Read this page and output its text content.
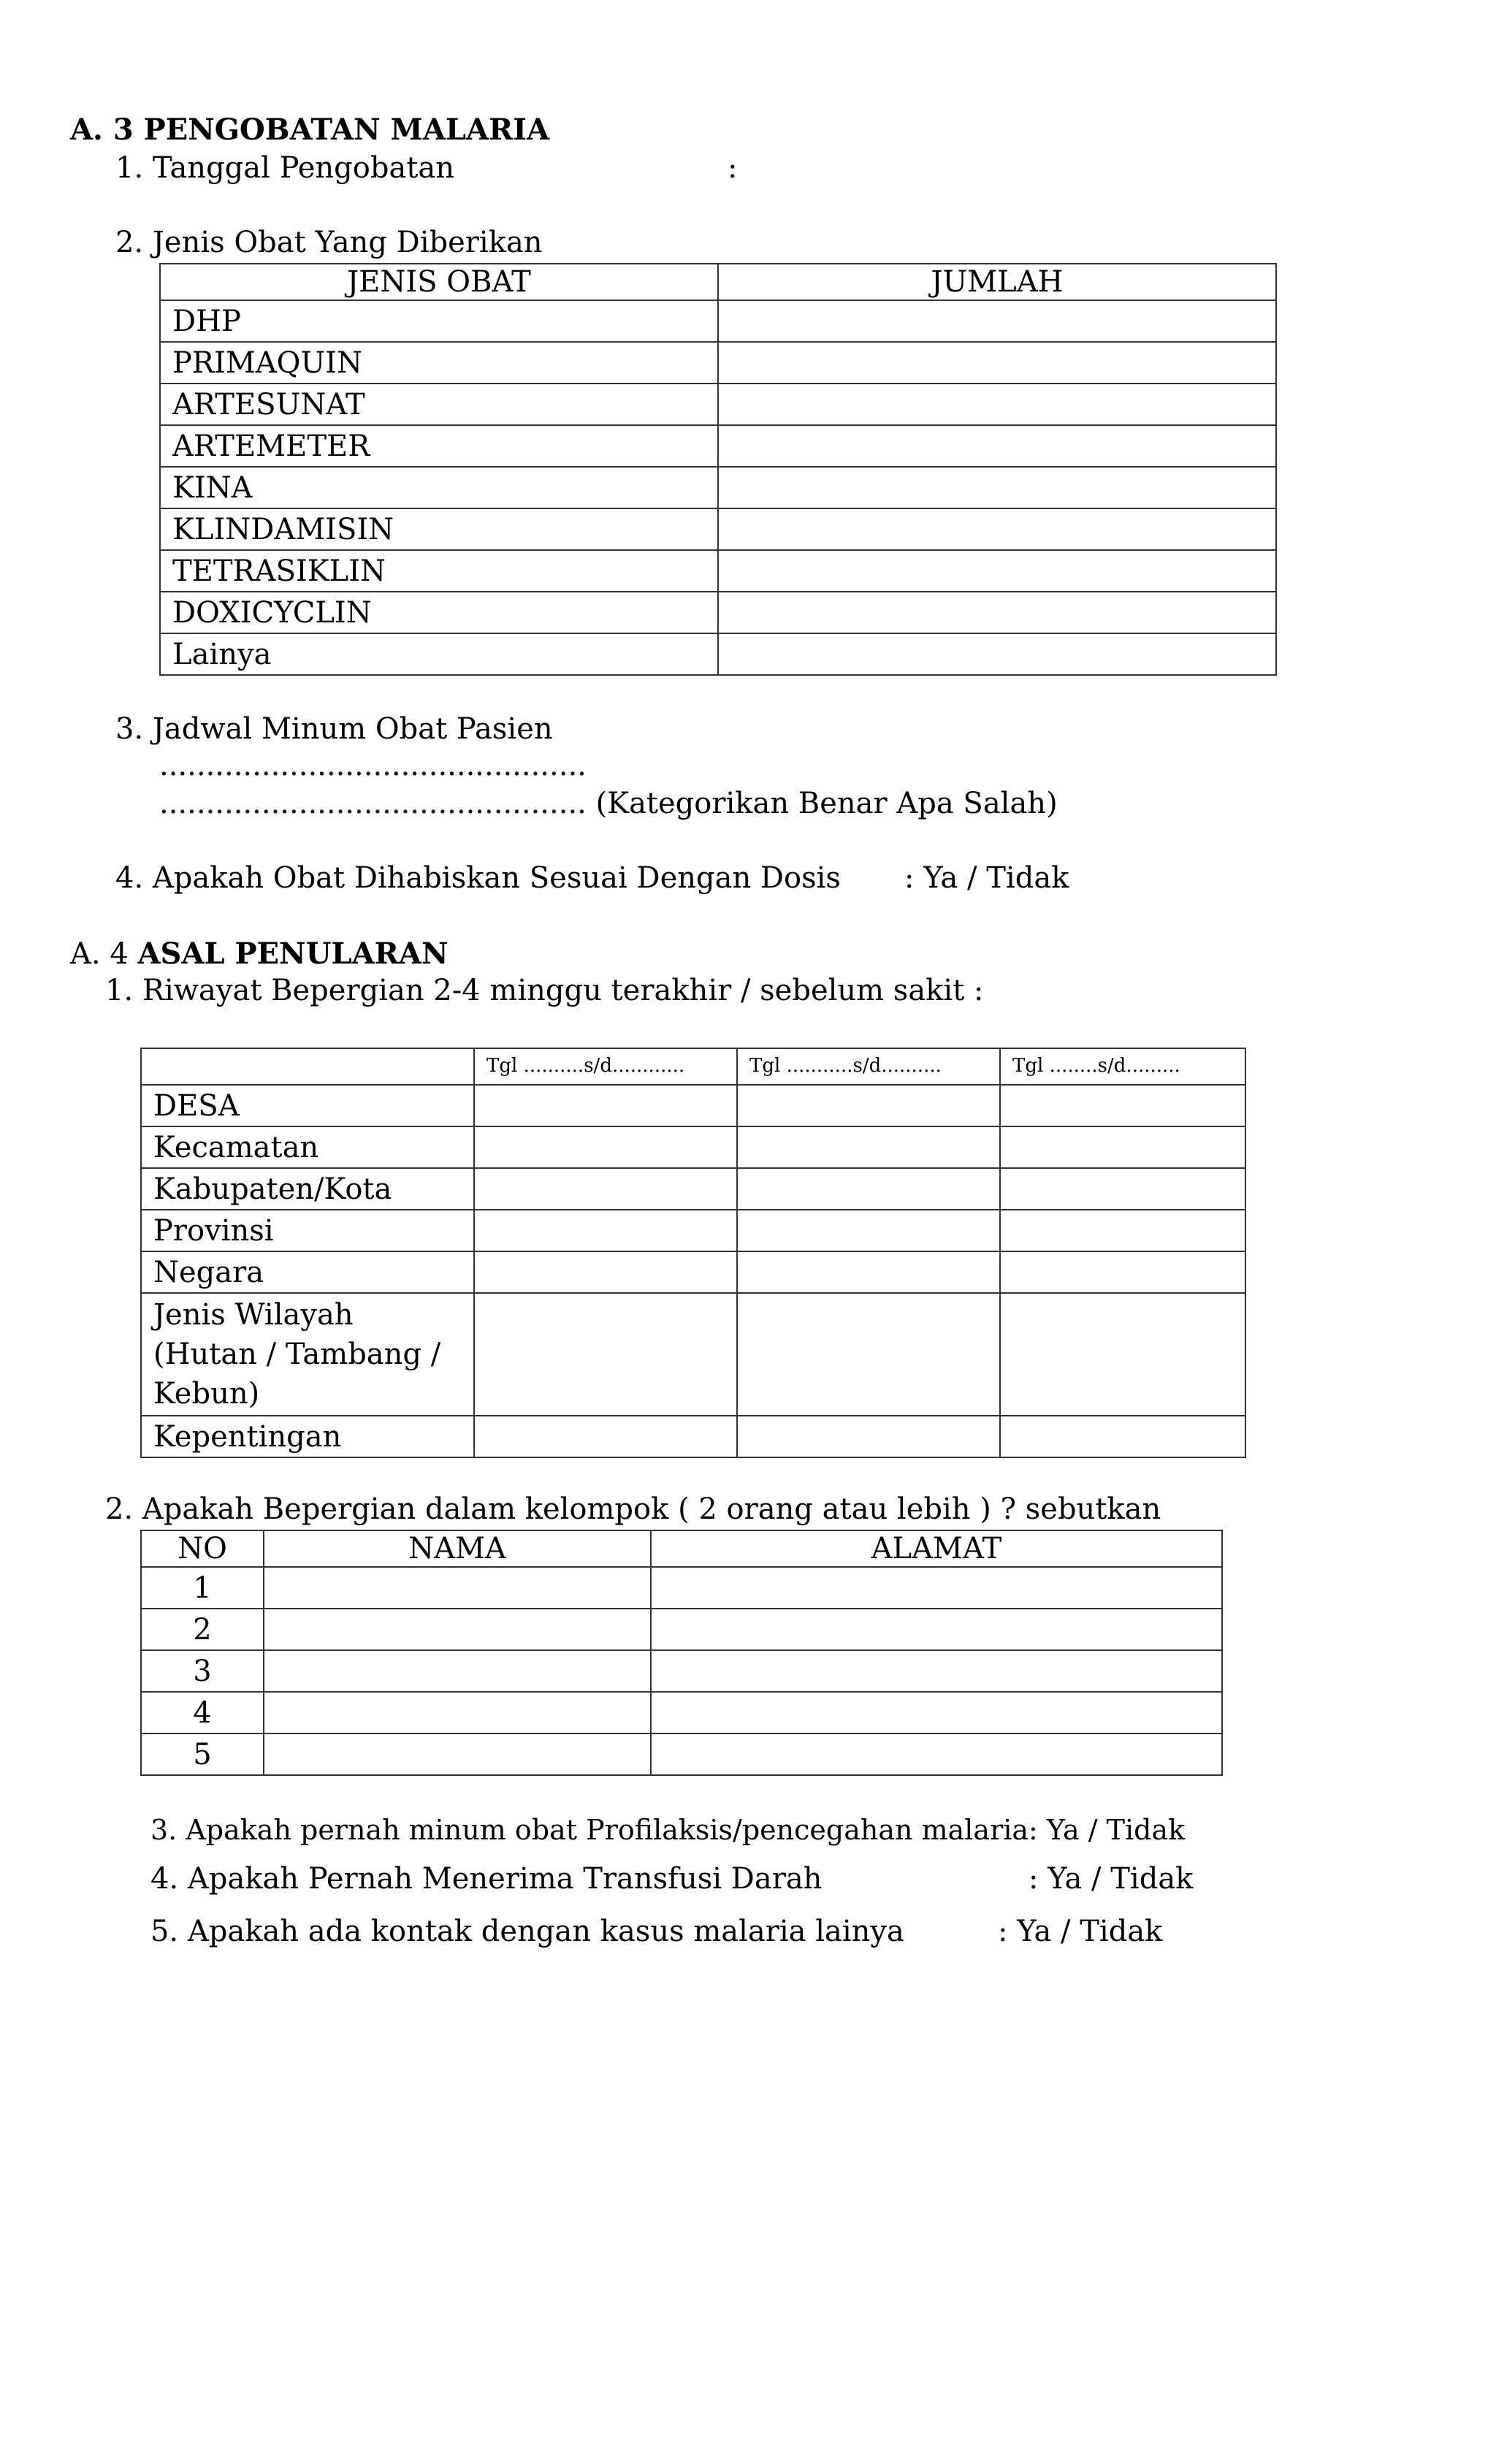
A. 3 PENGOBATAN MALARIA
1. Tanggal Pengobatan	:
2. Jenis Obat Yang Diberikan
JENIS OBAT	JUMLAH
DHP	
PRIMAQUIN	
ARTESUNAT	
ARTEMETER	
KINA	
KLINDAMISIN	
TETRASIKLIN	
DOXICYCLIN	
Lainya	
3. Jadwal Minum Obat Pasien
..............................................
.............................................. (Kategorikan Benar Apa Salah)
4. Apakah Obat Dihabiskan Sesuai Dengan Dosis : Ya / Tidak
A. 4 ASAL PENULARAN
1. Riwayat Bepergian 2-4 minggu terakhir / sebelum sakit :
	Tgl ..........s/d............	Tgl ...........s/d..........	Tgl ........s/d.........
DESA			
Kecamatan			
Kabupaten/Kota			
Provinsi			
Negara			
Jenis Wilayah (Hutan / Tambang / Kebun)			
Kepentingan			
2. Apakah Bepergian dalam kelompok ( 2 orang atau lebih ) ? sebutkan
NO	NAMA	ALAMAT
1		
2		
3		
4		
5		
3. Apakah pernah minum obat Profilaksis/pencegahan malaria : Ya / Tidak
4. Apakah Pernah Menerima Transfusi Darah	: Ya / Tidak
5. Apakah ada kontak dengan kasus malaria lainya	: Ya / Tidak
